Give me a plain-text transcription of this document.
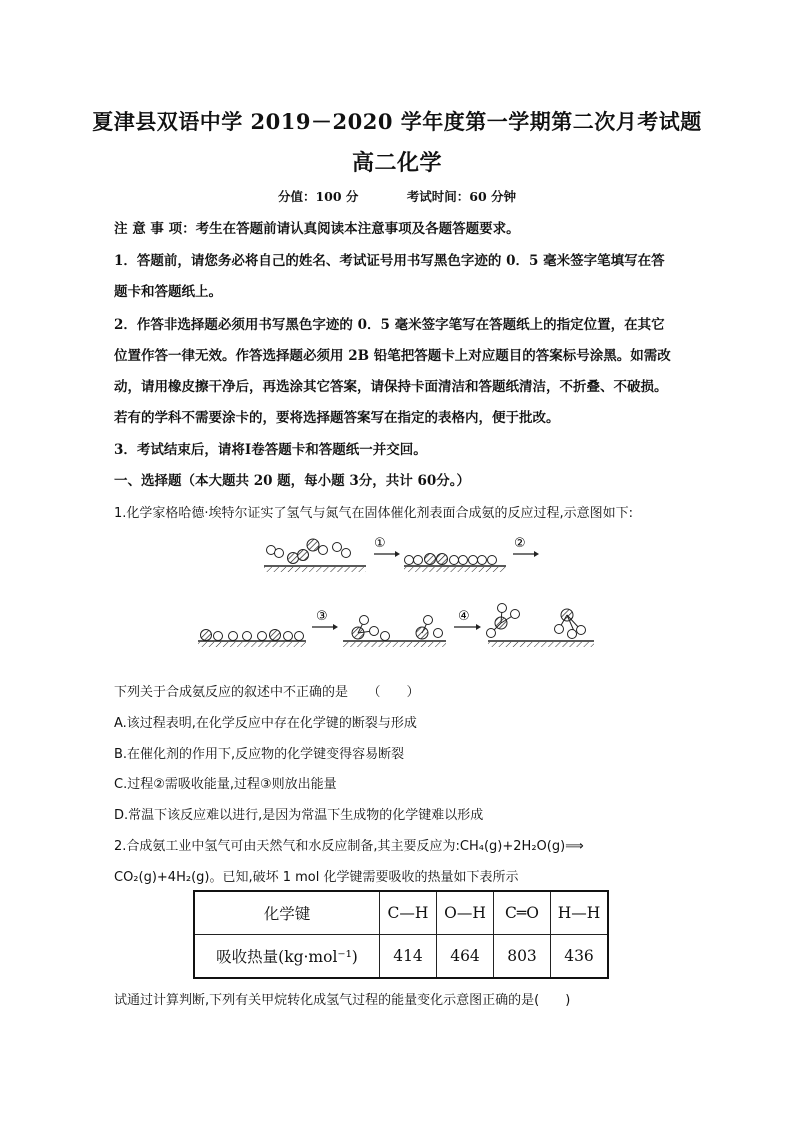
夏津县双语中学 2019－2020 学年度第一学期第二次月考试题
高二化学
分值：100 分	考试时间：60 分钟
注 意 事 项：考生在答题前请认真阅读本注意事项及各题答题要求。
1．答题前，请您务必将自己的姓名、考试证号用书写黑色字迹的 0．5 毫米签字笔填写在答
题卡和答题纸上。
2．作答非选择题必须用书写黑色字迹的 0．5 毫米签字笔写在答题纸上的指定位置，在其它
位置作答一律无效。作答选择题必须用 2B 铅笔把答题卡上对应题目的答案标号涂黑。如需改
动，请用橡皮擦干净后，再选涂其它答案，请保持卡面清洁和答题纸清洁，不折叠、不破损。
若有的学科不需要涂卡的，要将选择题答案写在指定的表格内，便于批改。
3．考试结束后，请将Ⅰ卷答题卡和答题纸一并交回。
一、选择题（本大题共 20 题，每小题 3分，共计 60分。）
1.化学家格哈德·埃特尔证实了氢气与氮气在固体催化剂表面合成氨的反应过程,示意图如下:
①	②
③	④
下列关于合成氨反应的叙述中不正确的是　　（　　）
A.该过程表明,在化学反应中存在化学键的断裂与形成
B.在催化剂的作用下,反应物的化学键变得容易断裂
C.过程②需吸收能量,过程③则放出能量
D.常温下该反应难以进行,是因为常温下生成物的化学键难以形成
2.合成氨工业中氢气可由天然气和水反应制备,其主要反应为:CH₄(g)+2H₂O(g)⟹
CO₂(g)+4H₂(g)。已知,破坏 1 mol 化学键需要吸收的热量如下表所示
化学键	C—H	O—H	C═O	H—H
吸收热量(kg·mol⁻¹)	414	464	803	436
试通过计算判断,下列有关甲烷转化成氢气过程的能量变化示意图正确的是(　　)
